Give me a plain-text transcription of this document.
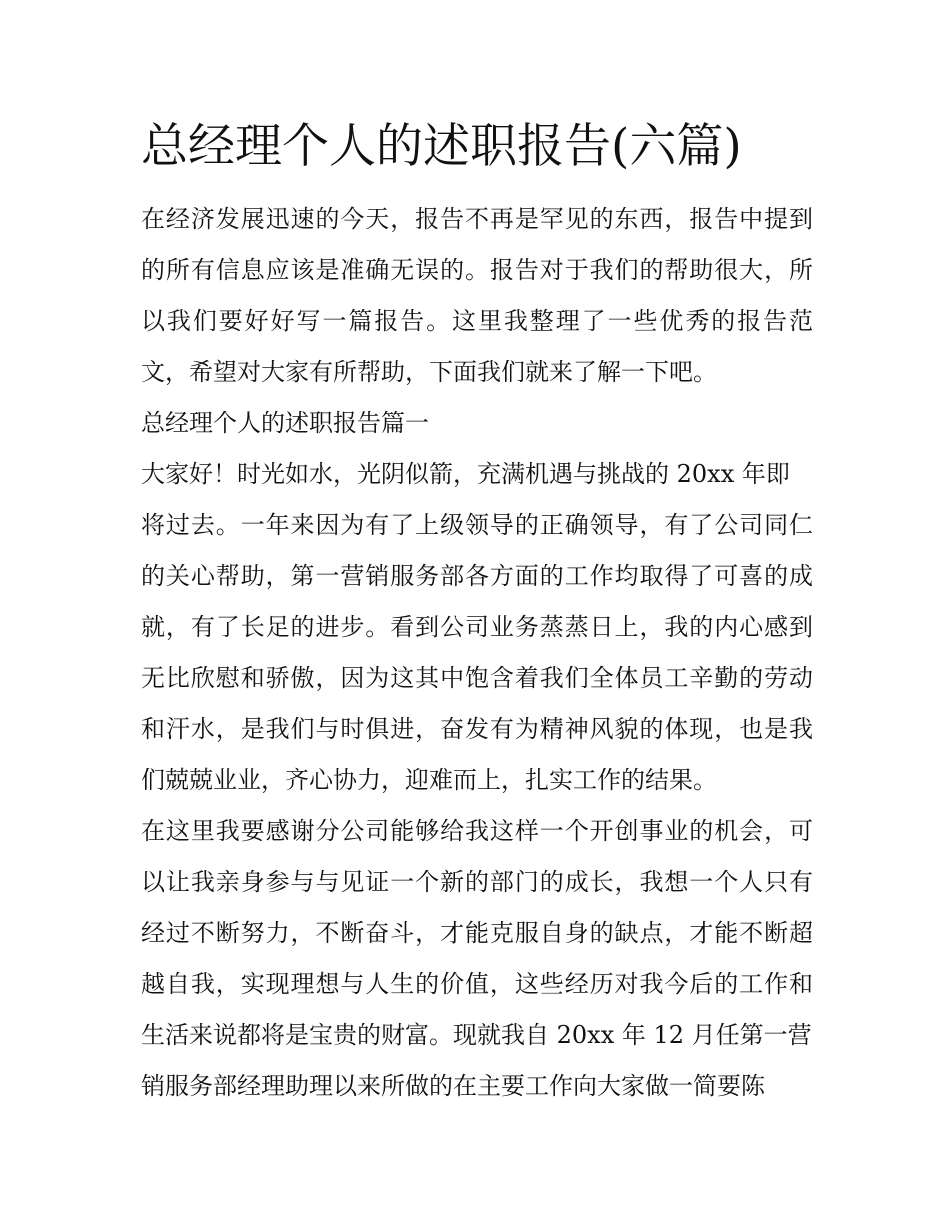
总经理个人的述职报告(六篇)
在经济发展迅速的今天，报告不再是罕见的东西，报告中提到
的所有信息应该是准确无误的。报告对于我们的帮助很大，所
以我们要好好写一篇报告。这里我整理了一些优秀的报告范
文，希望对大家有所帮助，下面我们就来了解一下吧。
总经理个人的述职报告篇一
大家好！时光如水，光阴似箭，充满机遇与挑战的 20xx 年即
将过去。一年来因为有了上级领导的正确领导，有了公司同仁
的关心帮助，第一营销服务部各方面的工作均取得了可喜的成
就，有了长足的进步。看到公司业务蒸蒸日上，我的内心感到
无比欣慰和骄傲，因为这其中饱含着我们全体员工辛勤的劳动
和汗水，是我们与时俱进，奋发有为精神风貌的体现，也是我
们兢兢业业，齐心协力，迎难而上，扎实工作的结果。
在这里我要感谢分公司能够给我这样一个开创事业的机会，可
以让我亲身参与与见证一个新的部门的成长，我想一个人只有
经过不断努力，不断奋斗，才能克服自身的缺点，才能不断超
越自我，实现理想与人生的价值，这些经历对我今后的工作和
生活来说都将是宝贵的财富。现就我自 20xx 年 12 月任第一营
销服务部经理助理以来所做的在主要工作向大家做一简要陈
